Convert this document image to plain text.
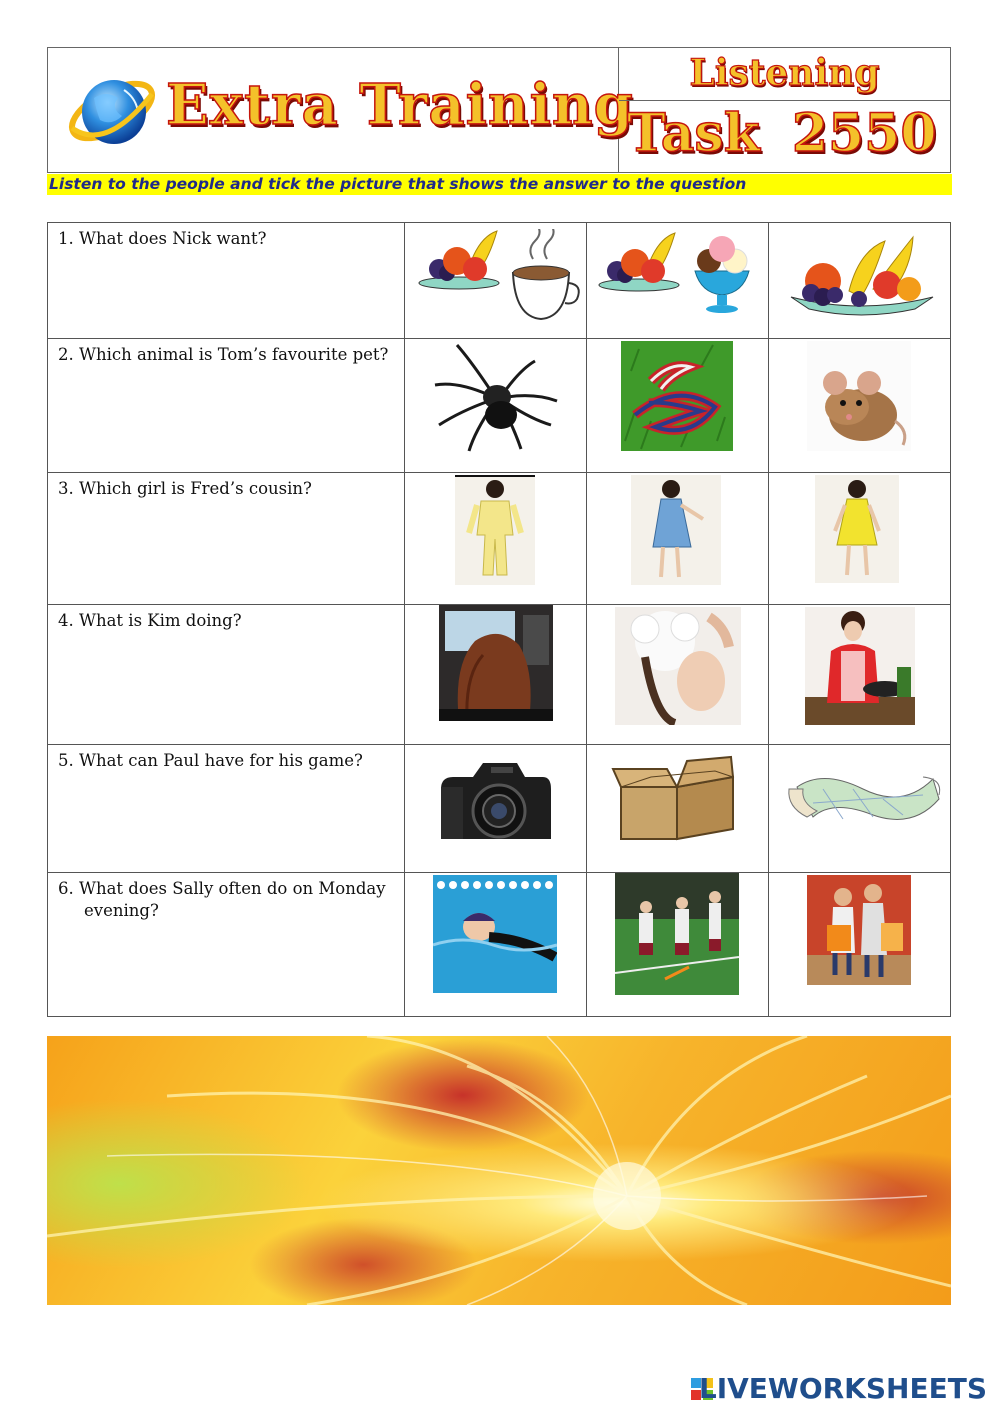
Extra Training	Listening
Task 2550
Listen to the people and tick the picture that shows the answer to the question
1. What does Nick want?
2. Which animal is Tom’s favourite pet?
3. Which girl is Fred’s cousin?
4. What is Kim doing?
5. What can Paul have for his game?
6. What does Sally often do on Monday evening?
LIVEWORKSHEETS
